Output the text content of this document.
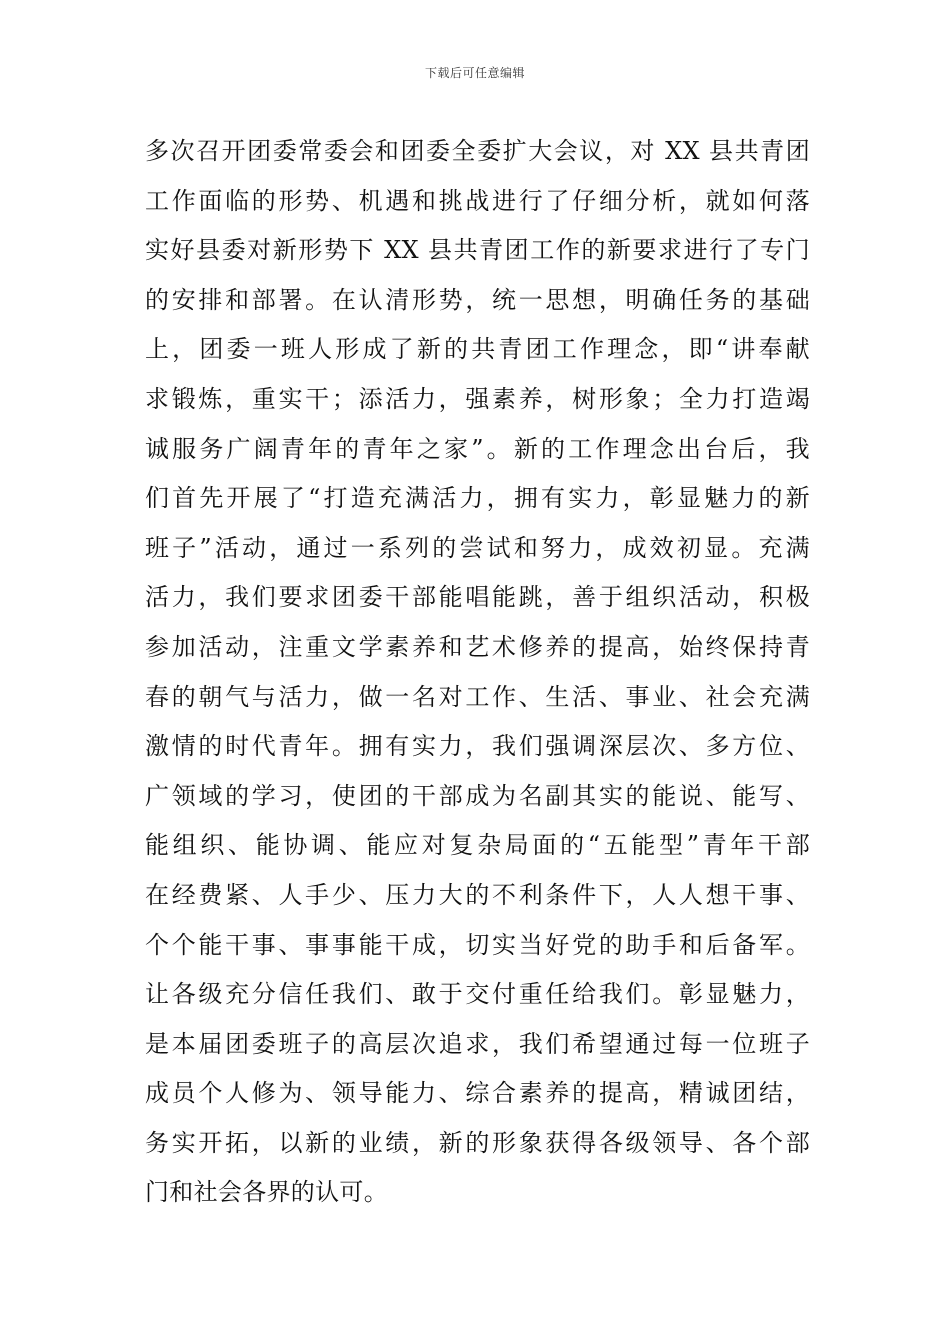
下载后可任意编辑
多次召开团委常委会和团委全委扩大会议，对 XX 县共青团
工作面临的形势、机遇和挑战进行了仔细分析，就如何落
实好县委对新形势下 XX 县共青团工作的新要求进行了专门
的安排和部署。在认清形势，统一思想，明确任务的基础
上，团委一班人形成了新的共青团工作理念，即“讲奉献
求锻炼，重实干；添活力，强素养，树形象；全力打造竭
诚服务广阔青年的青年之家”。新的工作理念出台后，我
们首先开展了“打造充满活力，拥有实力，彰显魅力的新
班子”活动，通过一系列的尝试和努力，成效初显。充满
活力，我们要求团委干部能唱能跳，善于组织活动，积极
参加活动，注重文学素养和艺术修养的提高，始终保持青
春的朝气与活力，做一名对工作、生活、事业、社会充满
激情的时代青年。拥有实力，我们强调深层次、多方位、
广领域的学习，使团的干部成为名副其实的能说、能写、
能组织、能协调、能应对复杂局面的“五能型”青年干部
在经费紧、人手少、压力大的不利条件下，人人想干事、
个个能干事、事事能干成，切实当好党的助手和后备军。
让各级充分信任我们、敢于交付重任给我们。彰显魅力，
是本届团委班子的高层次追求，我们希望通过每一位班子
成员个人修为、领导能力、综合素养的提高，精诚团结，
务实开拓，以新的业绩，新的形象获得各级领导、各个部
门和社会各界的认可。
